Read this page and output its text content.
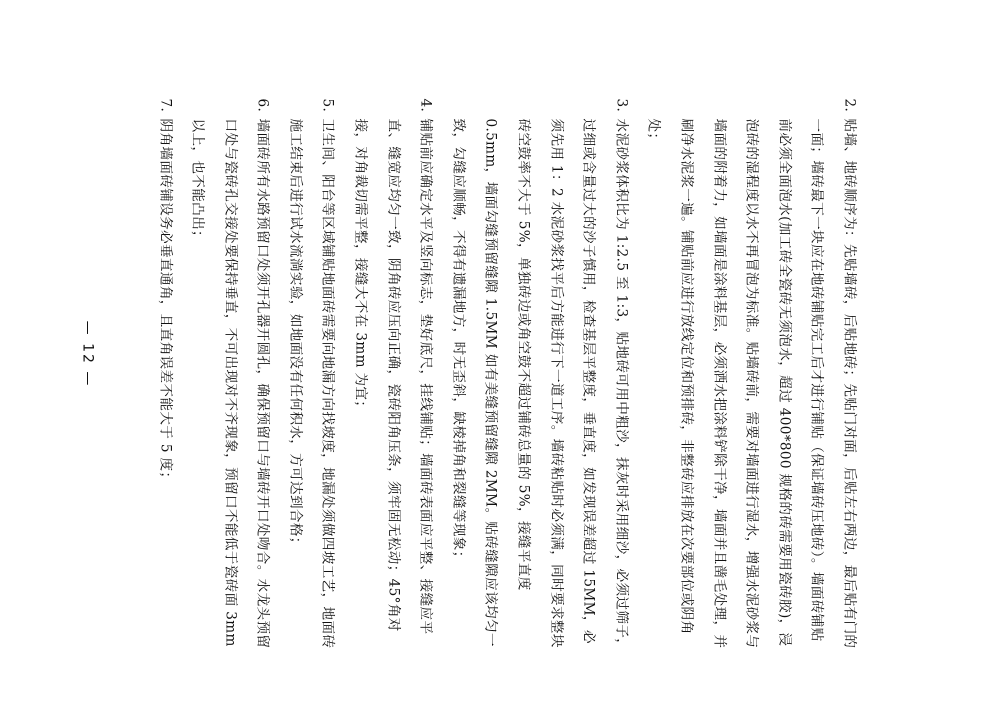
2.
贴墙、地砖顺序为：先贴墙砖，后贴地砖；先贴门对面，后贴左右两边，最后贴有门的一面；墙砖最下一块应在地砖铺贴完工后才进行铺贴（保证墙砖压地砖）。墙面砖铺贴前必须全面泡水(加工砖全瓷砖无须泡水，超过 400*800 规格的砖需要用瓷砖胶)，浸泡砖的湿程度以水不再冒泡为标准。贴墙砖前，需要对墙面进行湿水，增强水泥砂浆与墙面的附着力，如墙面是涂料基层，必须洒水把涂料铲除干净，墙面并且凿毛处理，并刷净水泥浆一遍。铺贴前应进行放线定位和预排砖，非整砖应排放在次要部位或阴角处；

3.
水泥砂浆体积比为 1:2.5 至 1:3，贴地砖可用中粗沙，抹灰时采用细沙，必须过筛子，过细或含量过大的沙子慎用，检查基层平整度，垂直度，如发现误差超过 15MM，必须先用 1：2 水泥砂浆找平后方能进行下一道工序。墙砖粘贴时必须满，同时要求整块砖空鼓率不大于 5%，单独砖边或角空鼓不超过铺砖总量的 5%，接缝平直度 0.5mm，墙面勾缝预留缝隙 1.5MM 如有美缝预留缝隙 2MM。贴砖缝隙应该均匀一致，勾缝应顺畅，不得有遗漏地方，时无歪斜，缺棱掉角和裂缝等现象；

4.
铺贴前应确定水平及竖向标志，垫好底尺，挂线铺贴；墙面砖表面应平整、接缝应平直、缝宽应均匀一致，阴角砖应压向正确，瓷砖阳角压条，须牢固无松动；45°角对接，对角裁切需平整，接缝大不在 3mm 为宜；

5.
卫生间、阳台等区域铺贴地面砖需要向地漏方向找坡度，地漏处须做四坡工艺，地面砖施工结束后进行试水流淌实验，如地面没有任何积水，方可达到合格；

6.
墙面砖所有水路预留口处须开孔器开圆孔，确保预留口与墙砖开口处吻合。水龙头预留口处与瓷砖孔交接处要保持垂直，不可出现对不齐现象，预留口不能低于瓷砖面 3mm 以上，也不能凸出；

7.
阴角墙面砖铺设务必垂直通角，且直角误差不能大于 5 度；

— 12 —
